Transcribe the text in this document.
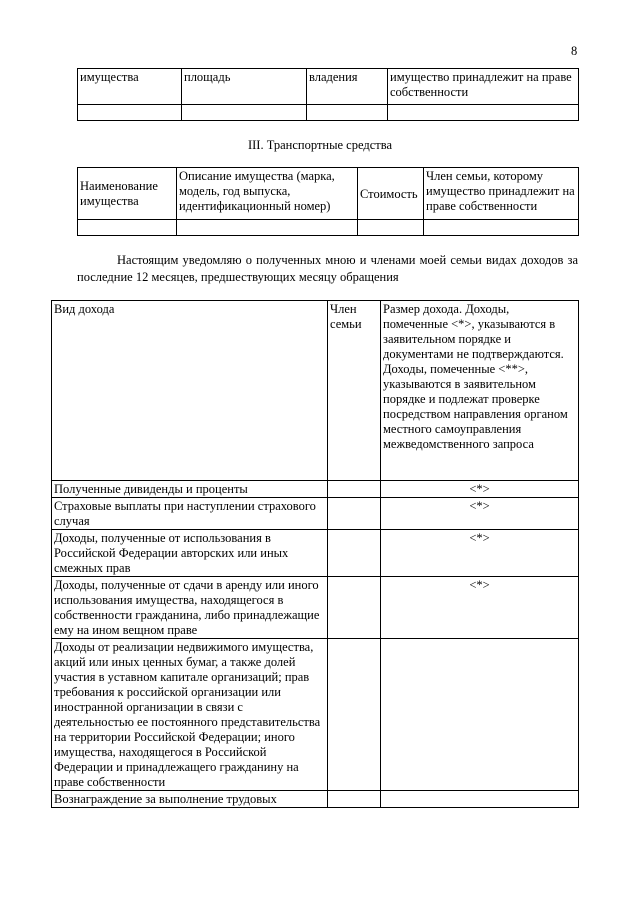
8
имущества	площадь	владения	имущество принадлежит на праве собственности

III. Транспортные средства
Наименование имущества	Описание имущества (марка, модель, год выпуска, идентификационный номер)	Стоимость	Член семьи, которому имущество принадлежит на праве собственности

Настоящим уведомляю о полученных мною и членами моей семьи видах доходов за последние 12 месяцев, предшествующих месяцу обращения
Вид дохода	Член семьи	Размер дохода. Доходы, помеченные <*>, указываются в заявительном порядке и документами не подтверждаются. Доходы, помеченные <**>, указываются в заявительном порядке и подлежат проверке посредством направления органом местного самоуправления межведомственного запроса
Полученные дивиденды и проценты		<*>
Страховые выплаты при наступлении страхового случая		<*>
Доходы, полученные от использования в Российской Федерации авторских или иных смежных прав		<*>
Доходы, полученные от сдачи в аренду или иного использования имущества, находящегося в собственности гражданина, либо принадлежащие ему на ином вещном праве		<*>
Доходы от реализации недвижимого имущества, акций или иных ценных бумаг, а также долей участия в уставном капитале организаций; прав требования к российской организации или иностранной организации в связи с деятельностью ее постоянного представительства на территории Российской Федерации; иного имущества, находящегося в Российской Федерации и принадлежащего гражданину на праве собственности		
Вознаграждение за выполнение трудовых		
